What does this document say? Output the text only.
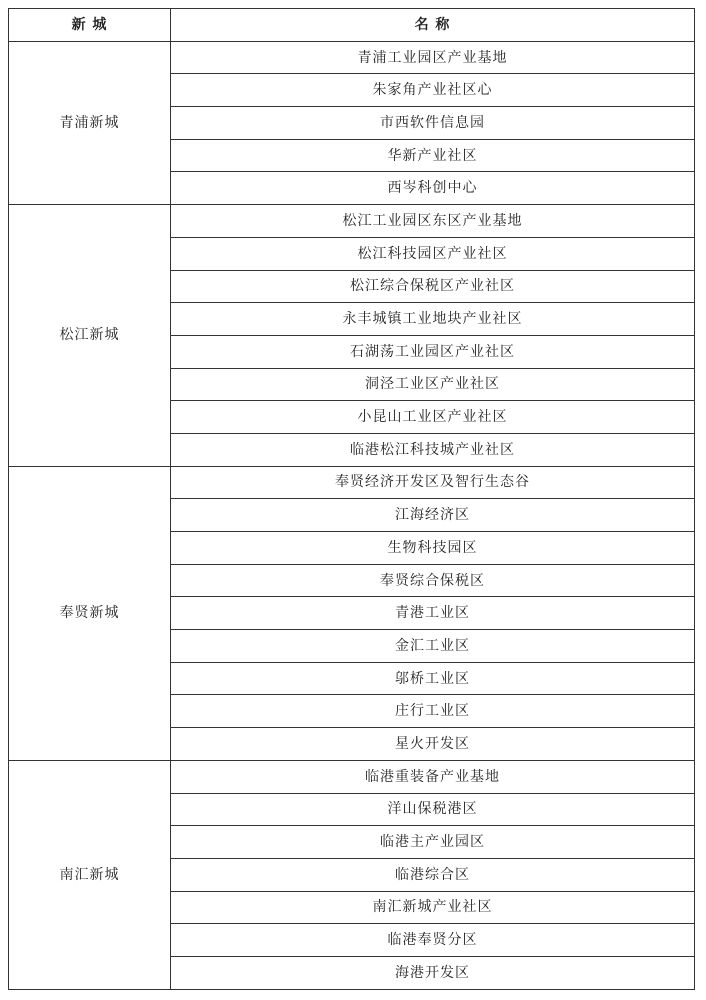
新 城	名 称
青浦新城	青浦工业园区产业基地
	朱家角产业社区心
	市西软件信息园
	华新产业社区
	西岑科创中心
松江新城	松江工业园区东区产业基地
	松江科技园区产业社区
	松江综合保税区产业社区
	永丰城镇工业地块产业社区
	石湖荡工业园区产业社区
	洞泾工业区产业社区
	小昆山工业区产业社区
	临港松江科技城产业社区
奉贤新城	奉贤经济开发区及智行生态谷
	江海经济区
	生物科技园区
	奉贤综合保税区
	青港工业区
	金汇工业区
	邬桥工业区
	庄行工业区
	星火开发区
南汇新城	临港重装备产业基地
	洋山保税港区
	临港主产业园区
	临港综合区
	南汇新城产业社区
	临港奉贤分区
	海港开发区
